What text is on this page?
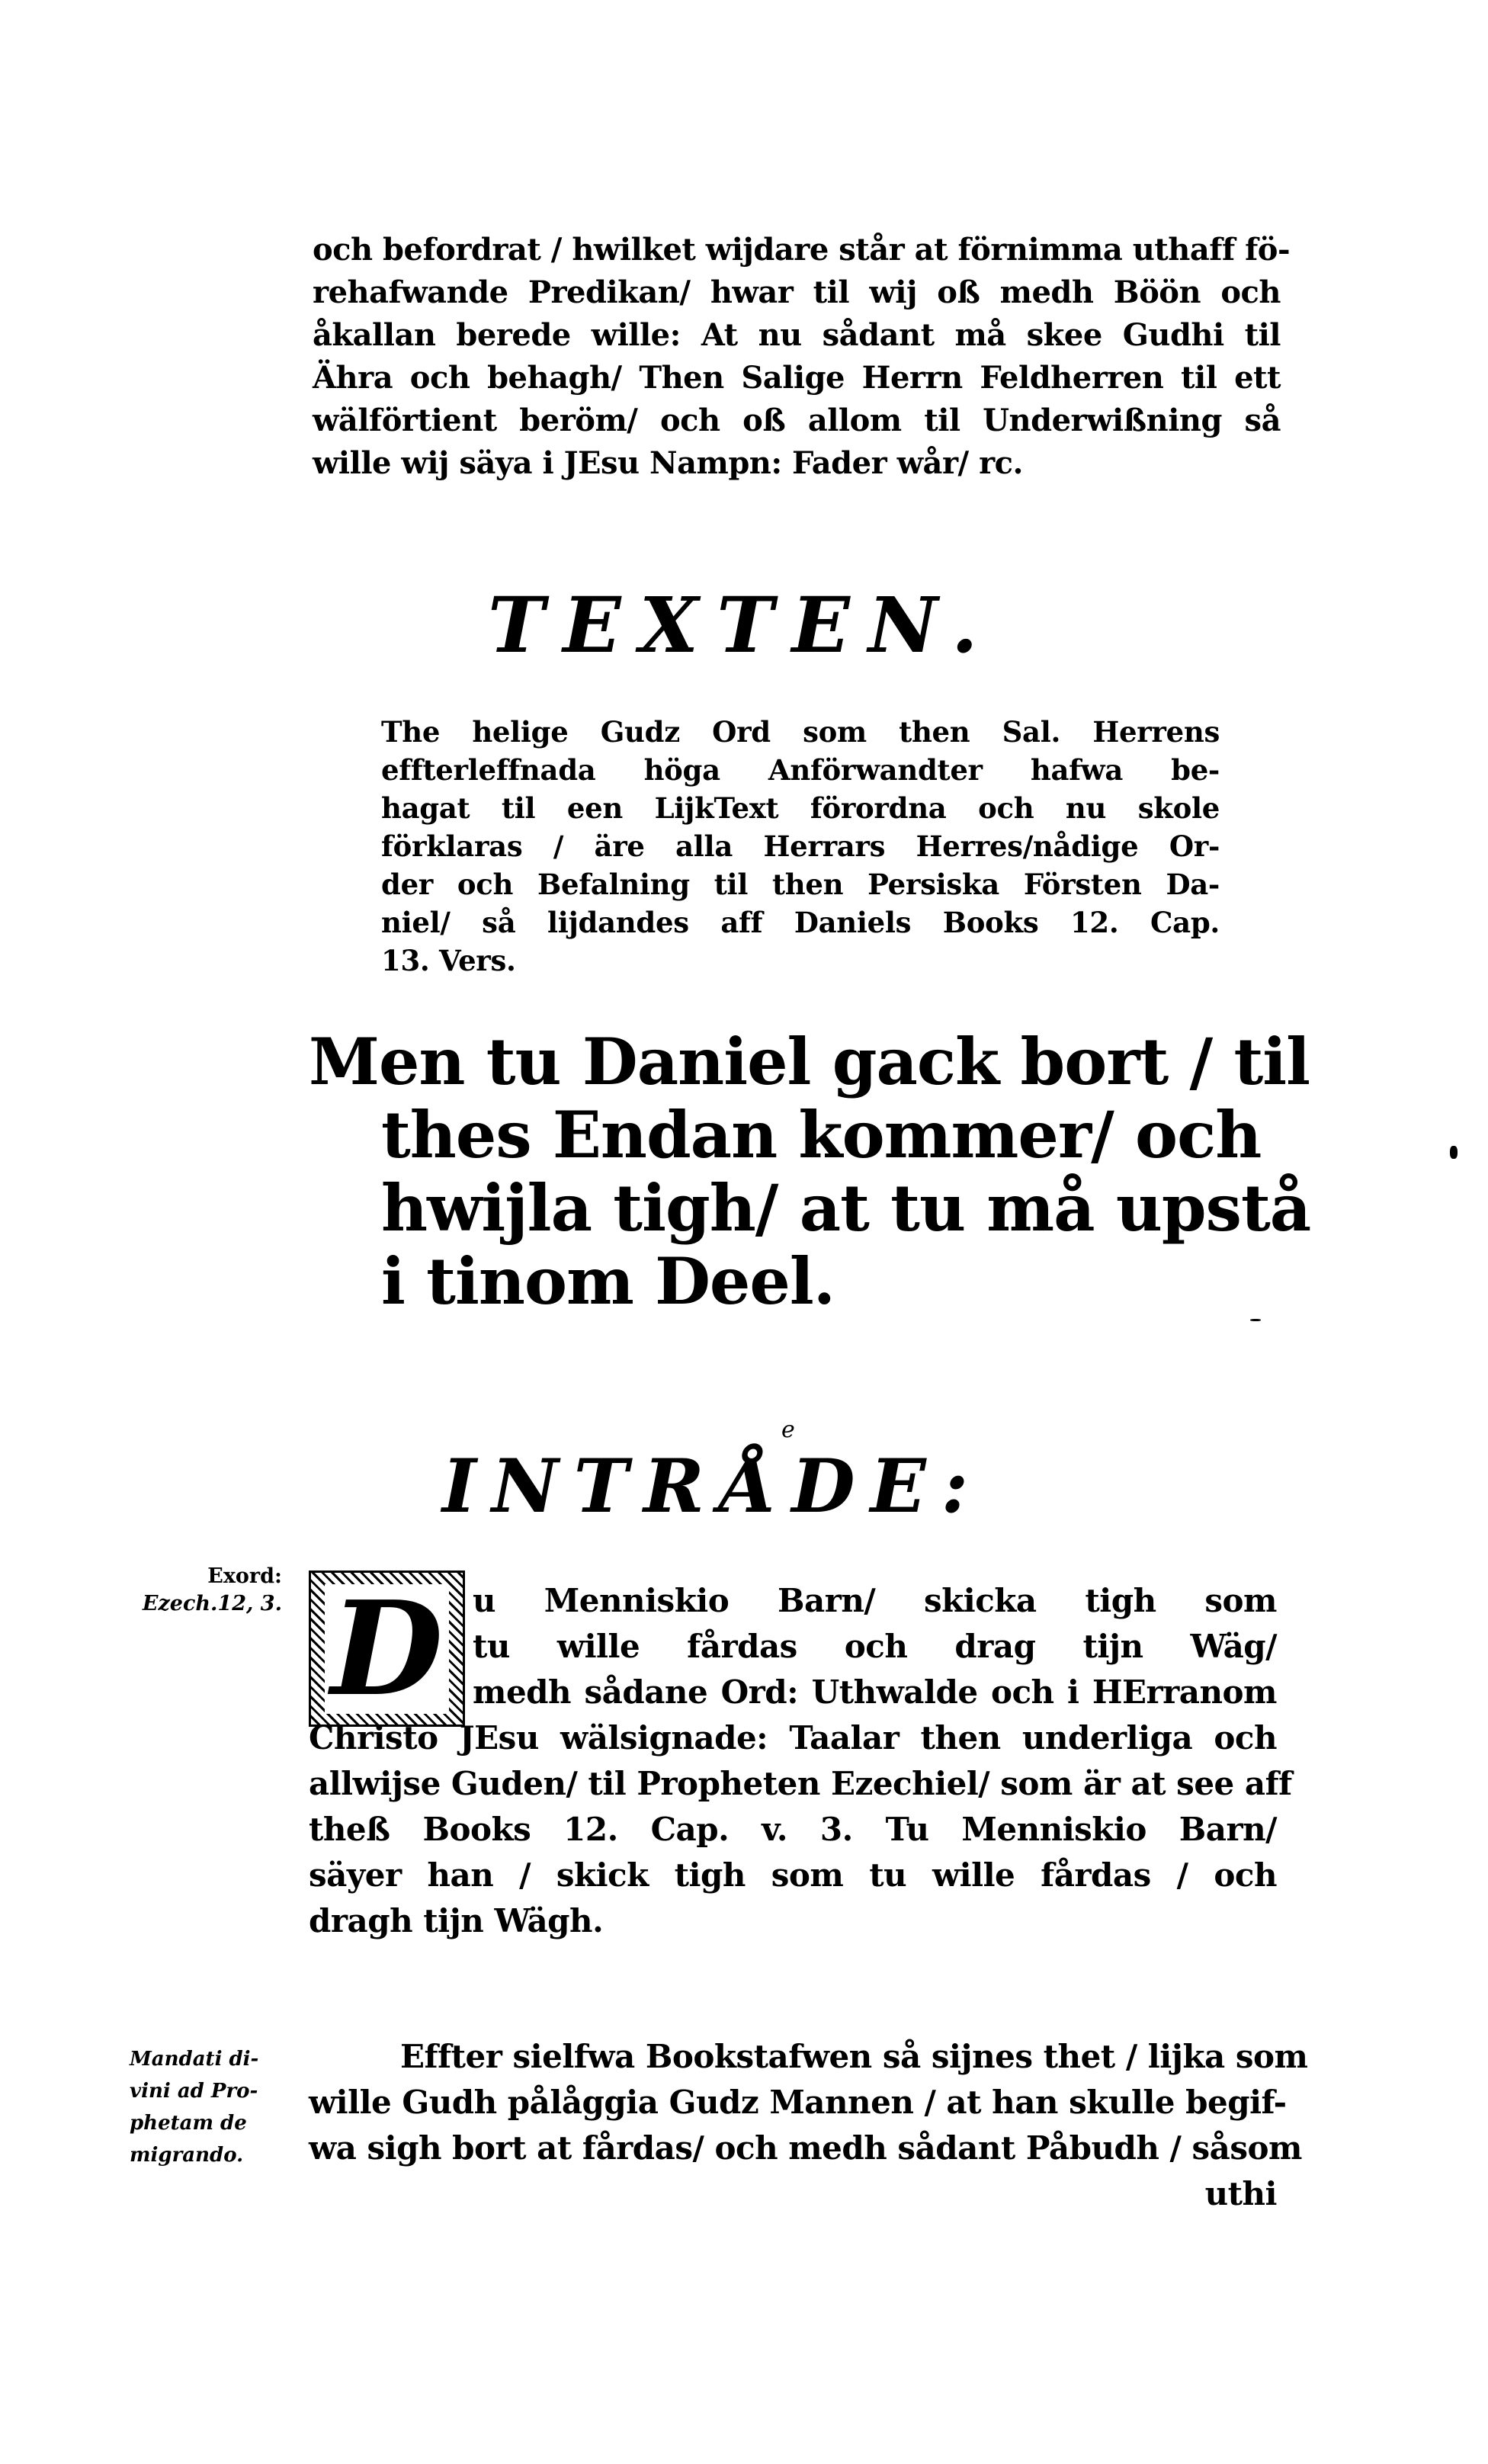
och befordrat / hwilket wijdare står at förnimma uthaff fö-
rehafwande Predikan/ hwar til wij oß medh Böön och
åkallan berede wille: At nu sådant må skee Gudhi til
Ähra och behagh/ Then Salige Herrn Feldherren til ett
wälförtient beröm/ och oß allom til Underwißning så
wille wij säya i JEsu Nampn: Fader wår/ rc.
TEXTEN.
The helige Gudz Ord som then Sal. Herrens
effterleffnada höga Anförwandter hafwa be-
hagat til een LijkText förordna och nu skole
förklaras / äre alla Herrars Herres/nådige Or-
der och Befalning til then Persiska Försten Da-
niel/ så lijdandes aff Daniels Books 12. Cap.
13. Vers.
Men tu Daniel gack bort / til
thes Endan kommer/ och
hwijla tigh/ at tu må upstå
i tinom Deel.
e
INTRÅDE:
Exord:
Ezech.12, 3.
Mandati di-
vini ad Pro-
phetam de
migrando.
D u Menniskio Barn/ skicka tigh som
tu wille fårdas och drag tijn Wäg/
medh sådane Ord: Uthwalde och i HErranom
Christo JEsu wälsignade: Taalar then underliga och
allwijse Guden/ til Propheten Ezechiel/ som är at see aff
theß Books 12. Cap. v. 3. Tu Menniskio Barn/
säyer han / skick tigh som tu wille fårdas / och
dragh tijn Wägh.
Effter sielfwa Bookstafwen så sijnes thet / lijka som
wille Gudh pålåggia Gudz Mannen / at han skulle begif-
wa sigh bort at fårdas/ och medh sådant Påbudh / såsom
uthi
